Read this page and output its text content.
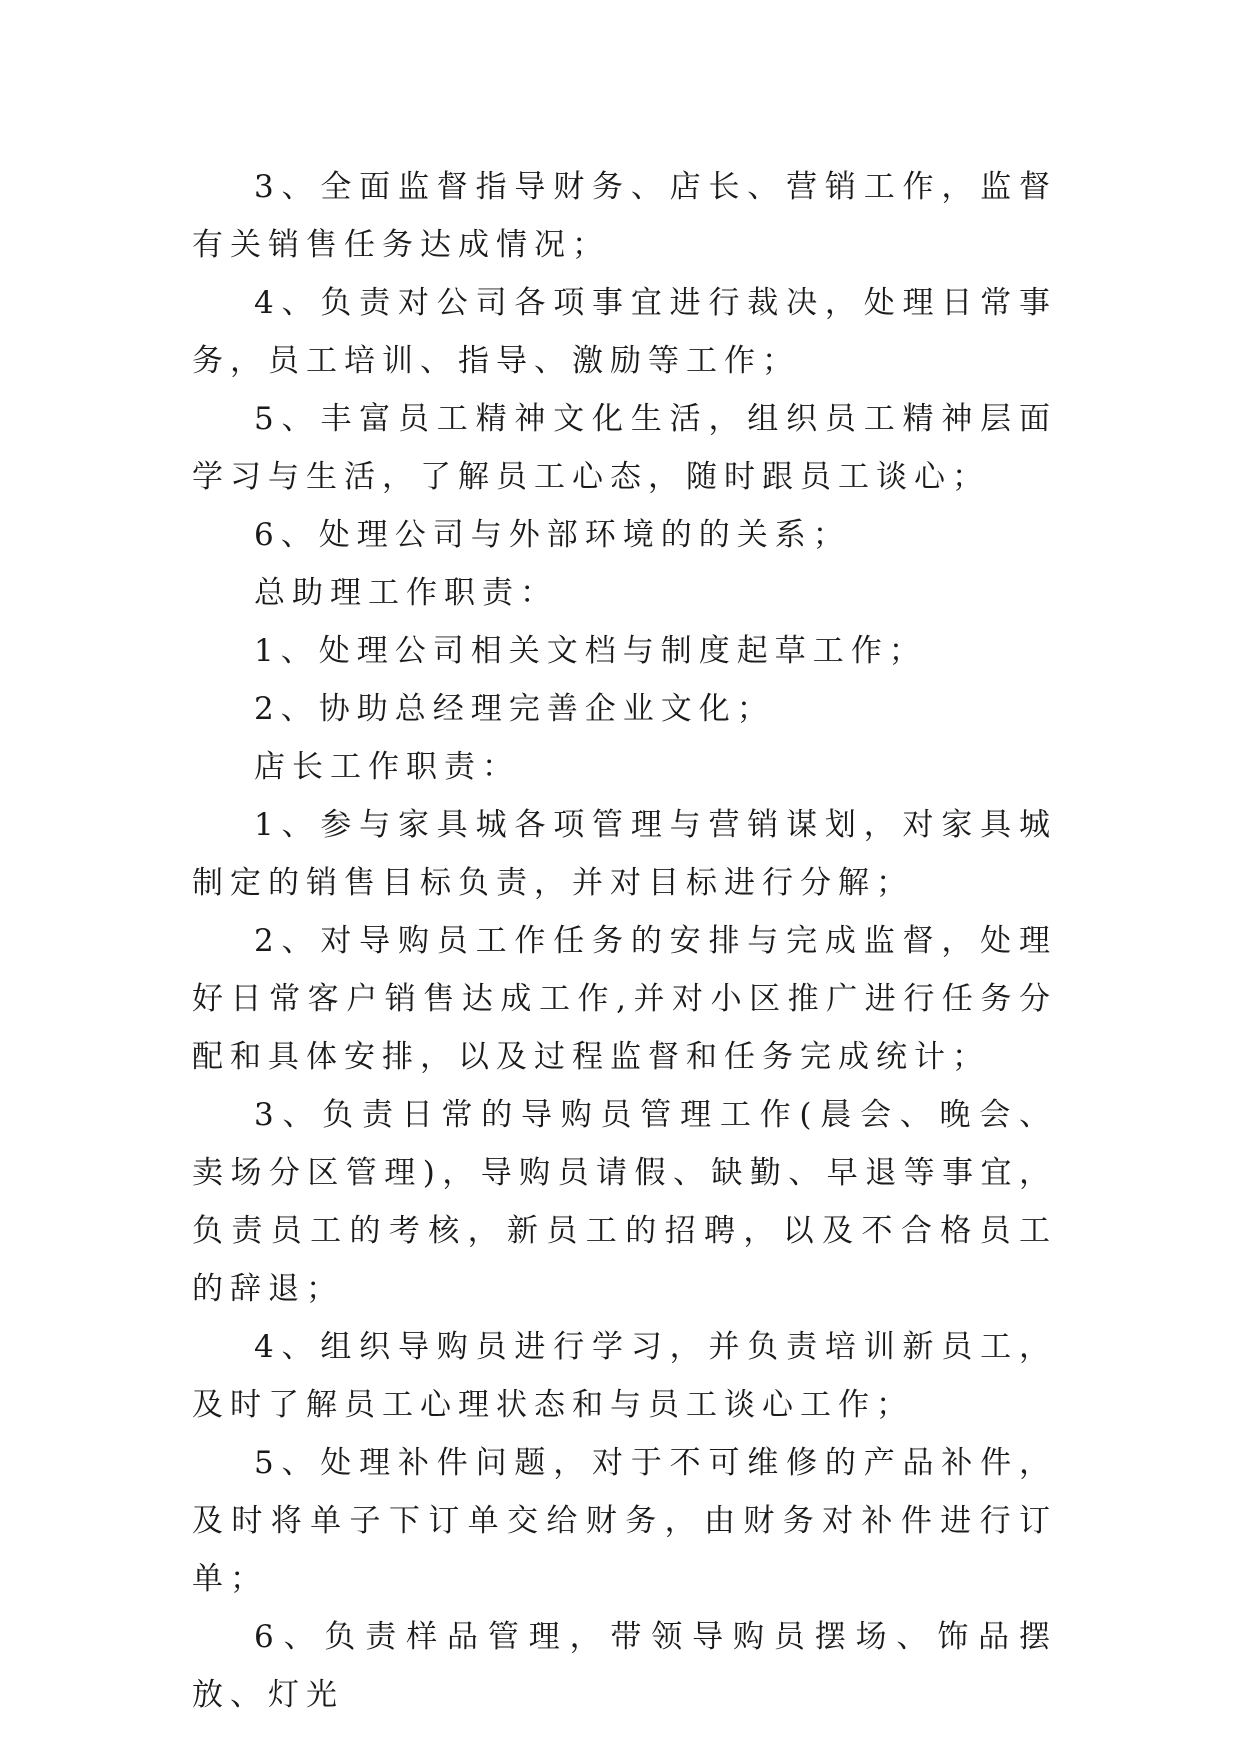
3、全面监督指导财务、店长、营销工作，监督有关销售任务达成情况；

4、负责对公司各项事宜进行裁决，处理日常事务，员工培训、指导、激励等工作；

5、丰富员工精神文化生活，组织员工精神层面学习与生活，了解员工心态，随时跟员工谈心；

6、处理公司与外部环境的的关系；

总助理工作职责：

1、处理公司相关文档与制度起草工作；

2、协助总经理完善企业文化；

店长工作职责：

1、参与家具城各项管理与营销谋划，对家具城制定的销售目标负责，并对目标进行分解；

2、对导购员工作任务的安排与完成监督，处理好日常客户销售达成工作,并对小区推广进行任务分配和具体安排，以及过程监督和任务完成统计；

3、负责日常的导购员管理工作(晨会、晚会、卖场分区管理)，导购员请假、缺勤、早退等事宜，负责员工的考核，新员工的招聘，以及不合格员工的辞退；

4、组织导购员进行学习，并负责培训新员工，及时了解员工心理状态和与员工谈心工作；

5、处理补件问题，对于不可维修的产品补件，及时将单子下订单交给财务，由财务对补件进行订单；

6、负责样品管理，带领导购员摆场、饰品摆放、灯光
